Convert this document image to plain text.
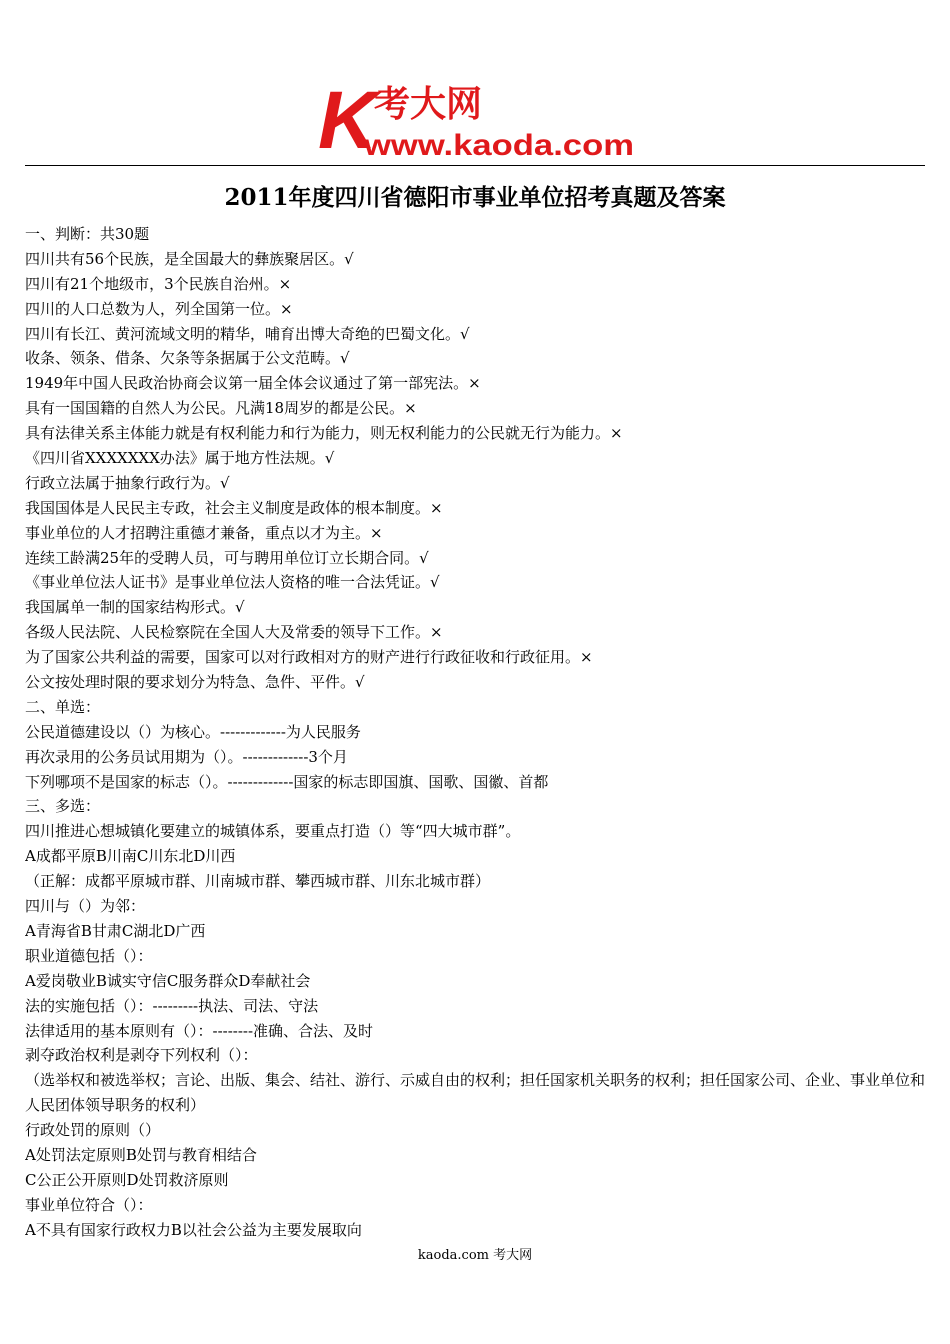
K
考大网
www.kaoda.com
2011年度四川省德阳市事业单位招考真题及答案
一、判断：共30题
四川共有56个民族，是全国最大的彝族聚居区。√
四川有21个地级市，3个民族自治州。×
四川的人口总数为人，列全国第一位。×
四川有长江、黄河流域文明的精华，哺育出博大奇绝的巴蜀文化。√
收条、领条、借条、欠条等条据属于公文范畴。√
1949年中国人民政治协商会议第一届全体会议通过了第一部宪法。×
具有一国国籍的自然人为公民。凡满18周岁的都是公民。×
具有法律关系主体能力就是有权利能力和行为能力，则无权利能力的公民就无行为能力。×
《四川省XXXXXXX办法》属于地方性法规。√
行政立法属于抽象行政行为。√
我国国体是人民民主专政，社会主义制度是政体的根本制度。×
事业单位的人才招聘注重德才兼备，重点以才为主。×
连续工龄满25年的受聘人员，可与聘用单位订立长期合同。√
《事业单位法人证书》是事业单位法人资格的唯一合法凭证。√
我国属单一制的国家结构形式。√
各级人民法院、人民检察院在全国人大及常委的领导下工作。×
为了国家公共利益的需要，国家可以对行政相对方的财产进行行政征收和行政征用。×
公文按处理时限的要求划分为特急、急件、平件。√
二、单选：
公民道德建设以（）为核心。-------------为人民服务
再次录用的公务员试用期为（）。-------------3个月
下列哪项不是国家的标志（）。-------------国家的标志即国旗、国歌、国徽、首都
三、多选：
四川推进心想城镇化要建立的城镇体系，要重点打造（）等“四大城市群”。
A成都平原B川南C川东北D川西
（正解：成都平原城市群、川南城市群、攀西城市群、川东北城市群）
四川与（）为邻：
A青海省B甘肃C湖北D广西
职业道德包括（）：
A爱岗敬业B诚实守信C服务群众D奉献社会
法的实施包括（）：---------执法、司法、守法
法律适用的基本原则有（）：--------准确、合法、及时
剥夺政治权利是剥夺下列权利（）：
（选举权和被选举权；言论、出版、集会、结社、游行、示威自由的权利；担任国家机关职务的权利；担任国家公司、企业、事业单位和人民团体领导职务的权利）
行政处罚的原则（）
A处罚法定原则B处罚与教育相结合
C公正公开原则D处罚救济原则
事业单位符合（）：
A不具有国家行政权力B以社会公益为主要发展取向
kaoda.com 考大网
